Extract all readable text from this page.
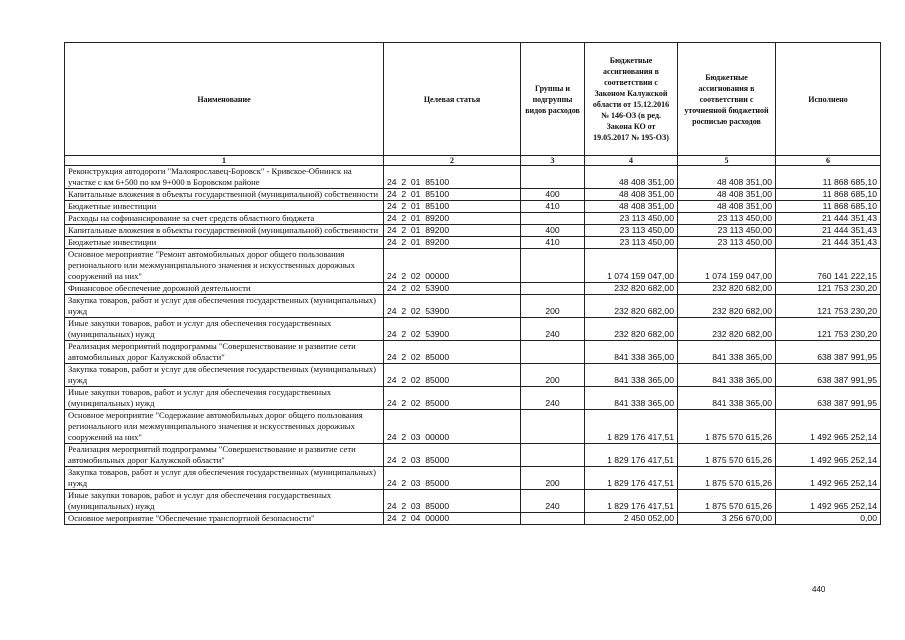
Наименование	Целевая статья	Группы и подгруппы видов расходов	Бюджетные ассигнования в соответствии с Законом Калужской области от 15.12.2016 № 146-ОЗ (в ред. Закона КО от 19.05.2017 № 195-ОЗ)	Бюджетные ассигнования в соответствии с уточненной бюджетной росписью расходов	Исполнено
1	2	3	4	5	6
Реконструкция автодороги "Малоярославец-Боровск" - Кривское-Обнинск на участке с км 6+500 по км 9+000 в Боровском районе	24  2  01  85100		48 408 351,00	48 408 351,00	11 868 685,10
Капитальные вложения в объекты государственной (муниципальной) собственности	24  2  01  85100	400	48 408 351,00	48 408 351,00	11 868 685,10
Бюджетные инвестиции	24  2  01  85100	410	48 408 351,00	48 408 351,00	11 868 685,10
Расходы на софинансирование за счет средств областного бюджета	24  2  01  89200		23 113 450,00	23 113 450,00	21 444 351,43
Капитальные вложения в объекты государственной (муниципальной) собственности	24  2  01  89200	400	23 113 450,00	23 113 450,00	21 444 351,43
Бюджетные инвестиции	24  2  01  89200	410	23 113 450,00	23 113 450,00	21 444 351,43
Основное мероприятие "Ремонт автомобильных дорог общего пользования регионального или межмуниципального значения и искусственных дорожных сооружений на них"	24  2  02  00000		1 074 159 047,00	1 074 159 047,00	760 141 222,15
Финансовое обеспечение дорожной деятельности	24  2  02  53900		232 820 682,00	232 820 682,00	121 753 230,20
Закупка товаров, работ и услуг для обеспечения государственных (муниципальных) нужд	24  2  02  53900	200	232 820 682,00	232 820 682,00	121 753 230,20
Иные закупки товаров, работ и услуг для обеспечения государственных (муниципальных) нужд	24  2  02  53900	240	232 820 682,00	232 820 682,00	121 753 230,20
Реализация мероприятий подпрограммы "Совершенствование и развитие сети автомобильных дорог Калужской области"	24  2  02  85000		841 338 365,00	841 338 365,00	638 387 991,95
Закупка товаров, работ и услуг для обеспечения государственных (муниципальных) нужд	24  2  02  85000	200	841 338 365,00	841 338 365,00	638 387 991,95
Иные закупки товаров, работ и услуг для обеспечения государственных (муниципальных) нужд	24  2  02  85000	240	841 338 365,00	841 338 365,00	638 387 991,95
Основное мероприятие "Содержание автомобильных дорог общего пользования регионального или межмуниципального значения и искусственных дорожных сооружений на них"	24  2  03  00000		1 829 176 417,51	1 875 570 615,26	1 492 965 252,14
Реализация мероприятий подпрограммы "Совершенствование и развитие сети автомобильных дорог Калужской области"	24  2  03  85000		1 829 176 417,51	1 875 570 615,26	1 492 965 252,14
Закупка товаров, работ и услуг для обеспечения государственных (муниципальных) нужд	24  2  03  85000	200	1 829 176 417,51	1 875 570 615,26	1 492 965 252,14
Иные закупки товаров, работ и услуг для обеспечения государственных (муниципальных) нужд	24  2  03  85000	240	1 829 176 417,51	1 875 570 615,26	1 492 965 252,14
Основное мероприятие "Обеспечение транспортной безопасности"	24  2  04  00000		2 450 052,00	3 256 670,00	0,00
440
